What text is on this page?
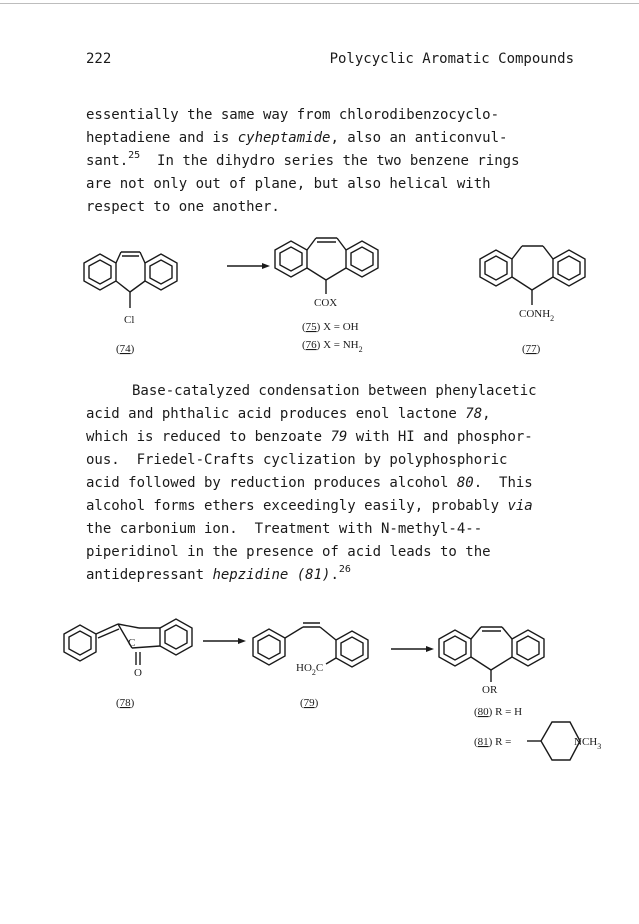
222	Polycyclic Aromatic Compounds
essentially the same way from chlorodibenzocyclo-
heptadiene and is cyheptamide, also an anticonvul-
sant.$^{25}$  In the dihydro series the two benzene rings
are not only out of plane, but also helical with
respect to one another.
Cl
(74)
COX
(75) X = OH
(76) $X = NH_2$
$CONH_2$
(77)
Base-catalyzed condensation between phenylacetic
acid and phthalic acid produces enol lactone 78,
which is reduced to benzoate 79 with HI and phosphor-
ous.  Friedel-Crafts cyclization by polyphosphoric
acid followed by reduction produces alcohol 80.  This
alcohol forms ethers exceedingly easily, probably via
the carbonium ion.  Treatment with N-methyl-4--
piperidinol in the presence of acid leads to the
antidepressant hepzidine (81).$^{26}$
C
O
(78)
$HO_2C$
(79)
OR
(80) R = H
(81) R =	$NCH_3$
